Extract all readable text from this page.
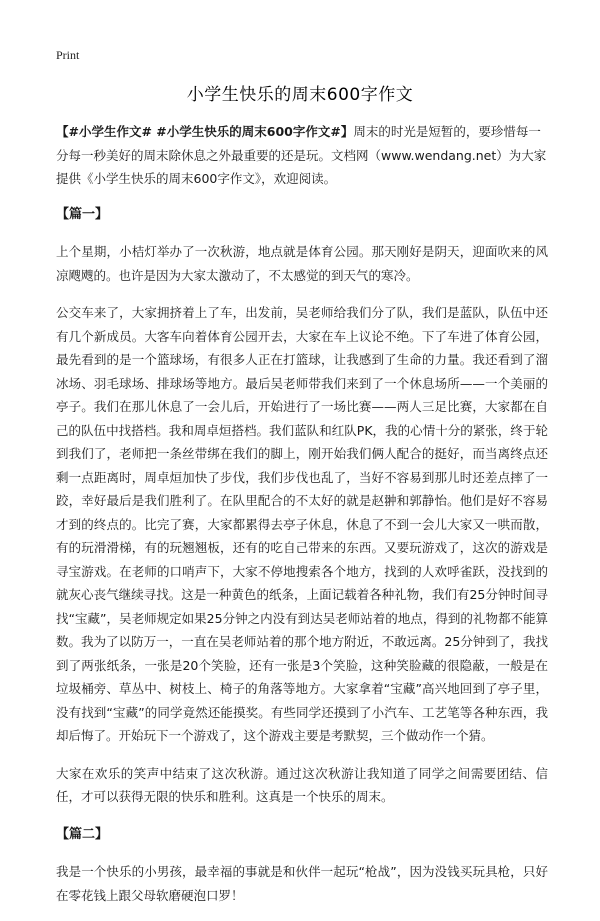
Print
小学生快乐的周末600字作文

【#小学生作文# #小学生快乐的周末600字作文#】周末的时光是短暂的，要珍惜每一分每一秒美好的周末除休息之外最重要的还是玩。文档网（www.wendang.net）为大家提供《小学生快乐的周末600字作文》，欢迎阅读。

【篇一】

上个星期，小桔灯举办了一次秋游，地点就是体育公园。那天刚好是阴天，迎面吹来的风凉飕飕的。也许是因为大家太激动了，不太感觉的到天气的寒冷。

公交车来了，大家拥挤着上了车，出发前，吴老师给我们分了队，我们是蓝队，队伍中还有几个新成员。大客车向着体育公园开去，大家在车上议论不绝。下了车进了体育公园，最先看到的是一个篮球场，有很多人正在打篮球，让我感到了生命的力量。我还看到了溜冰场、羽毛球场、排球场等地方。最后吴老师带我们来到了一个休息场所——一个美丽的亭子。我们在那儿休息了一会儿后，开始进行了一场比赛——两人三足比赛，大家都在自己的队伍中找搭档。我和周卓烜搭档。我们蓝队和红队PK，我的心情十分的紧张，终于轮到我们了，老师把一条丝带绑在我们的脚上，刚开始我们俩人配合的挺好，而当离终点还剩一点距离时，周卓烜加快了步伐，我们步伐也乱了，当好不容易到那儿时还差点摔了一跤，幸好最后是我们胜利了。在队里配合的不太好的就是赵翀和郭静怡。他们是好不容易才到的终点的。比完了赛，大家都累得去亭子休息，休息了不到一会儿大家又一哄而散，有的玩滑滑梯，有的玩翘翘板，还有的吃自己带来的东西。又要玩游戏了，这次的游戏是寻宝游戏。在老师的口哨声下，大家不停地搜索各个地方，找到的人欢呼雀跃，没找到的就灰心丧气继续寻找。这是一种黄色的纸条，上面记载着各种礼物，我们有25分钟时间寻找“宝藏”，吴老师规定如果25分钟之内没有到达吴老师站着的地点，得到的礼物都不能算数。我为了以防万一，一直在吴老师站着的那个地方附近，不敢远离。25分钟到了，我找到了两张纸条，一张是20个笑脸，还有一张是3个笑脸，这种笑脸藏的很隐蔽，一般是在垃圾桶旁、草丛中、树枝上、椅子的角落等地方。大家拿着“宝藏”高兴地回到了亭子里，没有找到“宝藏”的同学竟然还能摸奖。有些同学还摸到了小汽车、工艺笔等各种东西，我却后悔了。开始玩下一个游戏了，这个游戏主要是考默契，三个做动作一个猜。

大家在欢乐的笑声中结束了这次秋游。通过这次秋游让我知道了同学之间需要团结、信任，才可以获得无限的快乐和胜利。这真是一个快乐的周末。

【篇二】

我是一个快乐的小男孩，最幸福的事就是和伙伴一起玩“枪战”，因为没钱买玩具枪，只好在零花钱上跟父母软磨硬泡口罗！
